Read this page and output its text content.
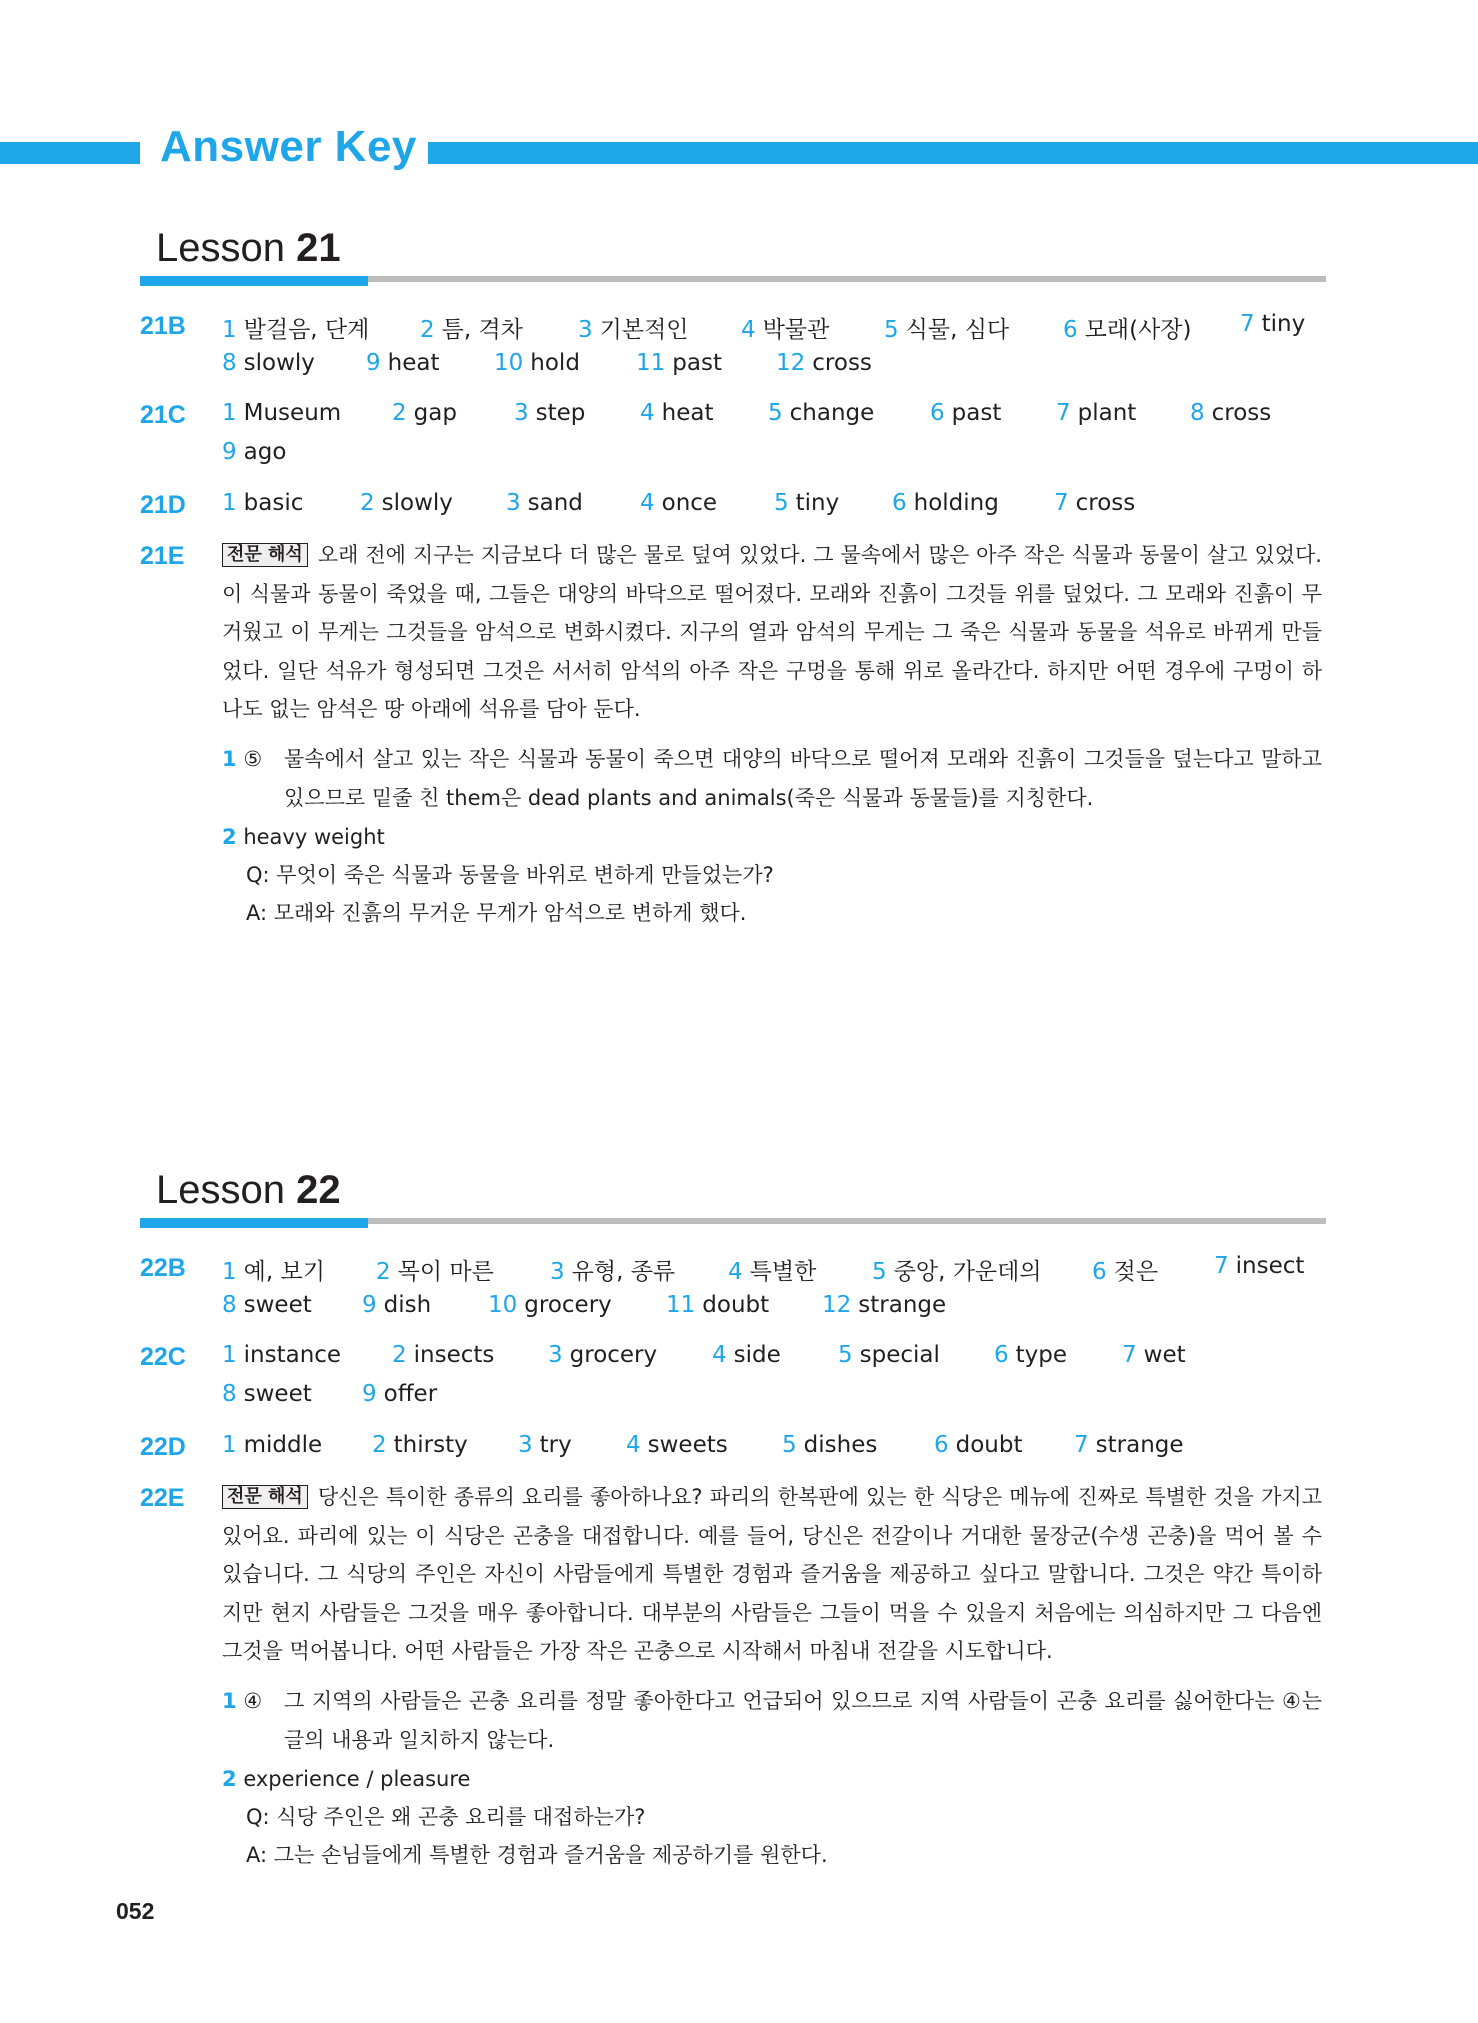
Answer Key
Lesson 21
21B 1 발걸음, 단계 2 틈, 격차 3 기본적인 4 박물관 5 식물, 심다 6 모래(사장) 7 tiny
8 slowly 9 heat 10 hold 11 past 12 cross
21C 1 Museum 2 gap 3 step 4 heat 5 change 6 past 7 plant 8 cross
9 ago
21D 1 basic 2 slowly 3 sand 4 once 5 tiny 6 holding 7 cross
21E 전문 해석 오래 전에 지구는 지금보다 더 많은 물로 덮여 있었다. 그 물속에서 많은 아주 작은 식물과 동물이 살고 있었다. 이 식물과 동물이 죽었을 때, 그들은 대양의 바닥으로 떨어졌다. 모래와 진흙이 그것들 위를 덮었다. 그 모래와 진흙이 무거웠고 이 무게는 그것들을 암석으로 변화시켰다. 지구의 열과 암석의 무게는 그 죽은 식물과 동물을 석유로 바뀌게 만들었다. 일단 석유가 형성되면 그것은 서서히 암석의 아주 작은 구멍을 통해 위로 올라간다. 하지만 어떤 경우에 구멍이 하나도 없는 암석은 땅 아래에 석유를 담아 둔다.
1 ⑤ 물속에서 살고 있는 작은 식물과 동물이 죽으면 대양의 바닥으로 떨어져 모래와 진흙이 그것들을 덮는다고 말하고 있으므로 밑줄 친 them은 dead plants and animals(죽은 식물과 동물들)를 지칭한다.
2 heavy weight
Q: 무엇이 죽은 식물과 동물을 바위로 변하게 만들었는가?
A: 모래와 진흙의 무거운 무게가 암석으로 변하게 했다.
Lesson 22
22B 1 예, 보기 2 목이 마른 3 유형, 종류 4 특별한 5 중앙, 가운데의 6 젖은 7 insect
8 sweet 9 dish 10 grocery 11 doubt 12 strange
22C 1 instance 2 insects 3 grocery 4 side 5 special 6 type 7 wet
8 sweet 9 offer
22D 1 middle 2 thirsty 3 try 4 sweets 5 dishes 6 doubt 7 strange
22E 전문 해석 당신은 특이한 종류의 요리를 좋아하나요? 파리의 한복판에 있는 한 식당은 메뉴에 진짜로 특별한 것을 가지고 있어요. 파리에 있는 이 식당은 곤충을 대접합니다. 예를 들어, 당신은 전갈이나 거대한 물장군(수생 곤충)을 먹어 볼 수 있습니다. 그 식당의 주인은 자신이 사람들에게 특별한 경험과 즐거움을 제공하고 싶다고 말합니다. 그것은 약간 특이하지만 현지 사람들은 그것을 매우 좋아합니다. 대부분의 사람들은 그들이 먹을 수 있을지 처음에는 의심하지만 그 다음엔 그것을 먹어봅니다. 어떤 사람들은 가장 작은 곤충으로 시작해서 마침내 전갈을 시도합니다.
1 ④ 그 지역의 사람들은 곤충 요리를 정말 좋아한다고 언급되어 있으므로 지역 사람들이 곤충 요리를 싫어한다는 ④는 글의 내용과 일치하지 않는다.
2 experience / pleasure
Q: 식당 주인은 왜 곤충 요리를 대접하는가?
A: 그는 손님들에게 특별한 경험과 즐거움을 제공하기를 원한다.
052
